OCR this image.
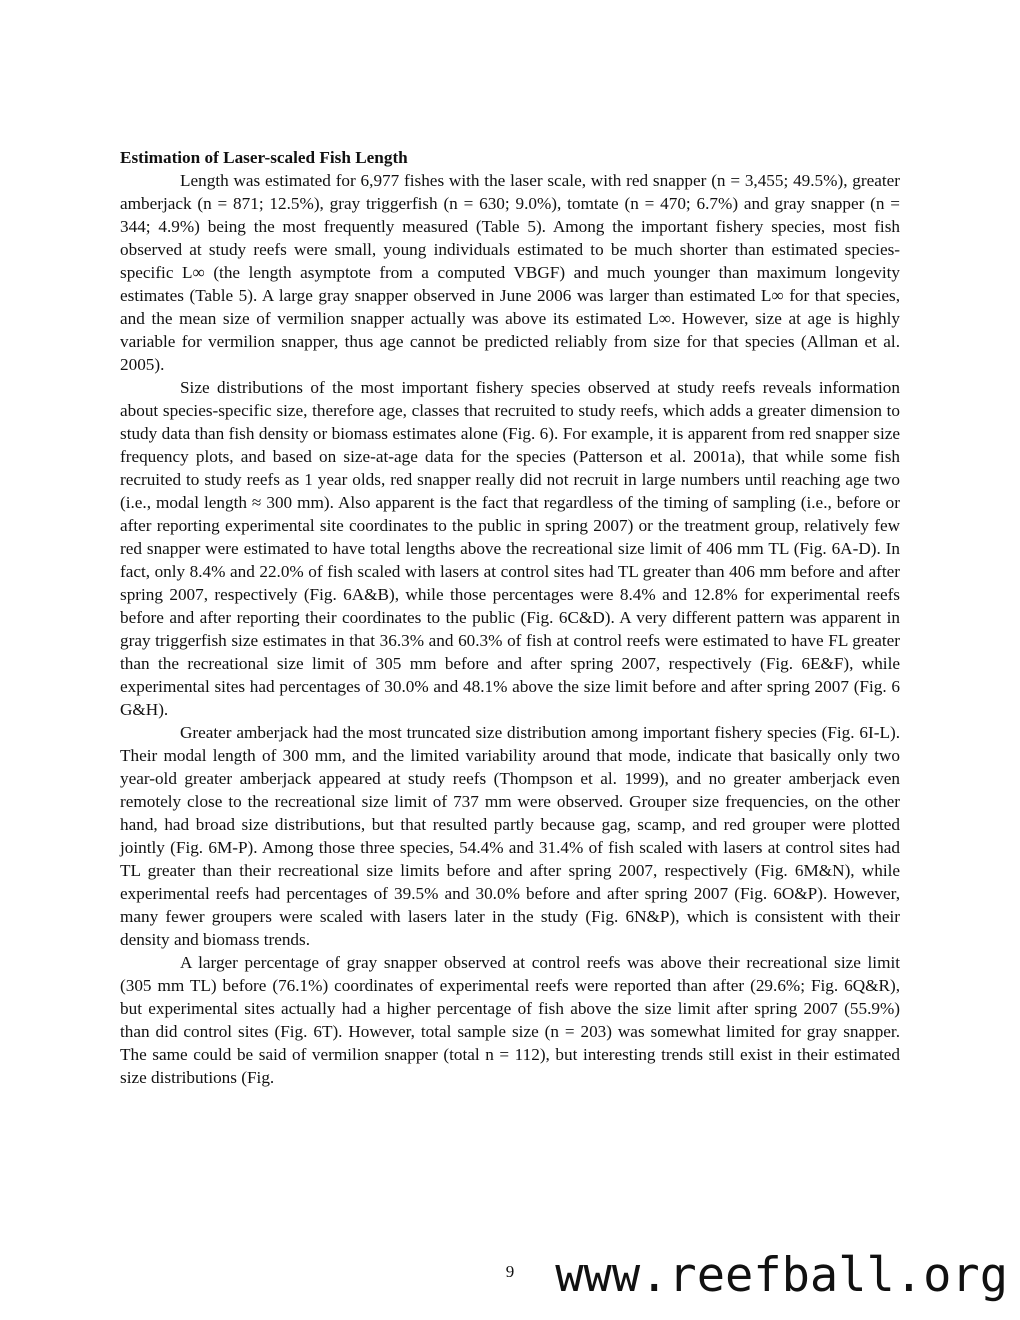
Estimation of Laser-scaled Fish Length

Length was estimated for 6,977 fishes with the laser scale, with red snapper (n = 3,455; 49.5%), greater amberjack (n = 871; 12.5%), gray triggerfish (n = 630; 9.0%), tomtate (n = 470; 6.7%) and gray snapper (n = 344; 4.9%) being the most frequently measured (Table 5). Among the important fishery species, most fish observed at study reefs were small, young individuals estimated to be much shorter than estimated species-specific L∞ (the length asymptote from a computed VBGF) and much younger than maximum longevity estimates (Table 5). A large gray snapper observed in June 2006 was larger than estimated L∞ for that species, and the mean size of vermilion snapper actually was above its estimated L∞. However, size at age is highly variable for vermilion snapper, thus age cannot be predicted reliably from size for that species (Allman et al. 2005).

Size distributions of the most important fishery species observed at study reefs reveals information about species-specific size, therefore age, classes that recruited to study reefs, which adds a greater dimension to study data than fish density or biomass estimates alone (Fig. 6). For example, it is apparent from red snapper size frequency plots, and based on size-at-age data for the species (Patterson et al. 2001a), that while some fish recruited to study reefs as 1 year olds, red snapper really did not recruit in large numbers until reaching age two (i.e., modal length ≈ 300 mm). Also apparent is the fact that regardless of the timing of sampling (i.e., before or after reporting experimental site coordinates to the public in spring 2007) or the treatment group, relatively few red snapper were estimated to have total lengths above the recreational size limit of 406 mm TL (Fig. 6A-D). In fact, only 8.4% and 22.0% of fish scaled with lasers at control sites had TL greater than 406 mm before and after spring 2007, respectively (Fig. 6A&B), while those percentages were 8.4% and 12.8% for experimental reefs before and after reporting their coordinates to the public (Fig. 6C&D). A very different pattern was apparent in gray triggerfish size estimates in that 36.3% and 60.3% of fish at control reefs were estimated to have FL greater than the recreational size limit of 305 mm before and after spring 2007, respectively (Fig. 6E&F), while experimental sites had percentages of 30.0% and 48.1% above the size limit before and after spring 2007 (Fig. 6 G&H).

Greater amberjack had the most truncated size distribution among important fishery species (Fig. 6I-L). Their modal length of 300 mm, and the limited variability around that mode, indicate that basically only two year-old greater amberjack appeared at study reefs (Thompson et al. 1999), and no greater amberjack even remotely close to the recreational size limit of 737 mm were observed. Grouper size frequencies, on the other hand, had broad size distributions, but that resulted partly because gag, scamp, and red grouper were plotted jointly (Fig. 6M-P). Among those three species, 54.4% and 31.4% of fish scaled with lasers at control sites had TL greater than their recreational size limits before and after spring 2007, respectively (Fig. 6M&N), while experimental reefs had percentages of 39.5% and 30.0% before and after spring 2007 (Fig. 6O&P). However, many fewer groupers were scaled with lasers later in the study (Fig. 6N&P), which is consistent with their density and biomass trends.

A larger percentage of gray snapper observed at control reefs was above their recreational size limit (305 mm TL) before (76.1%) coordinates of experimental reefs were reported than after (29.6%; Fig. 6Q&R), but experimental sites actually had a higher percentage of fish above the size limit after spring 2007 (55.9%) than did control sites (Fig. 6T). However, total sample size (n = 203) was somewhat limited for gray snapper. The same could be said of vermilion snapper (total n = 112), but interesting trends still exist in their estimated size distributions (Fig.

9 www.reefball.org
